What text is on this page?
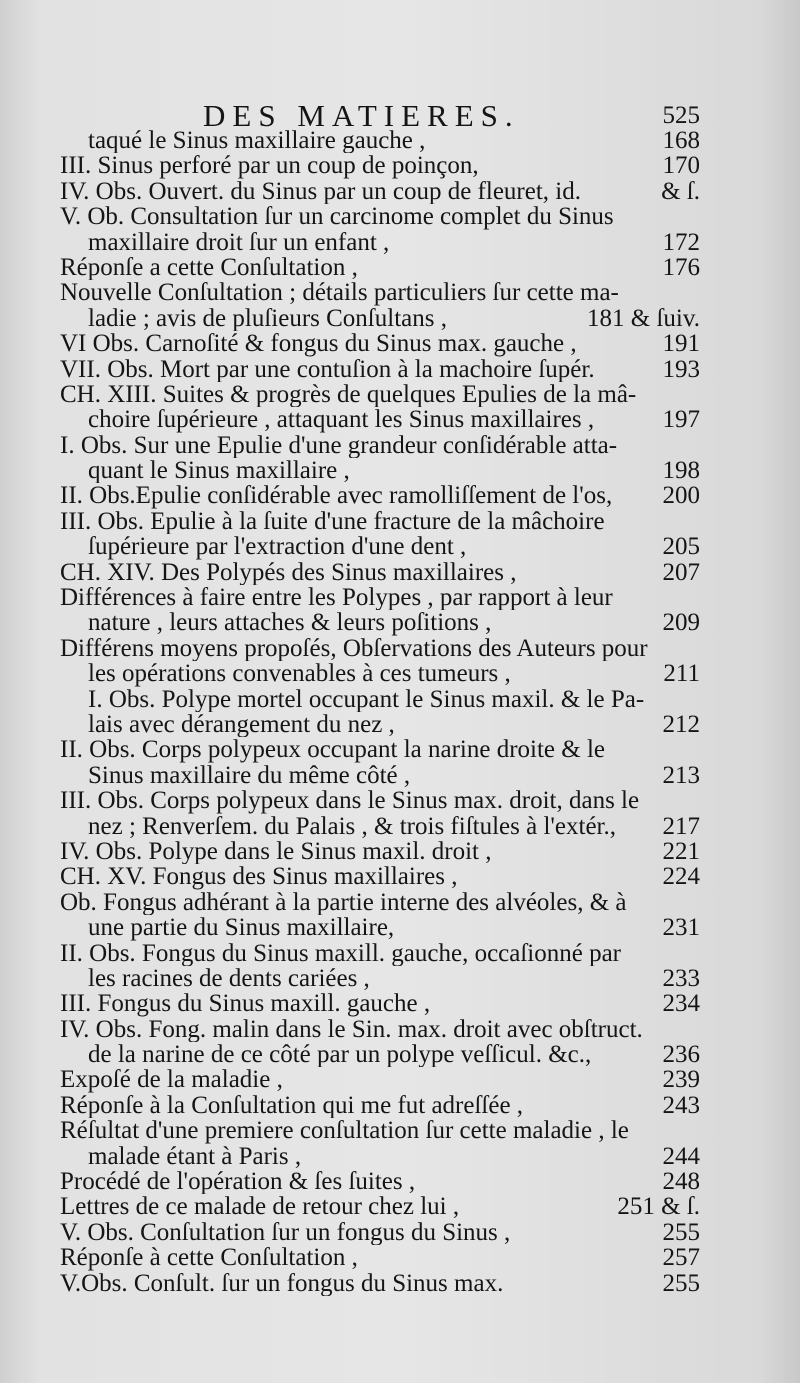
DES MATIERES.	525
taqué le Sinus maxillaire gauche ,	168
III. Sinus perforé par un coup de poinçon,	170
IV. Obs. Ouvert. du Sinus par un coup de fleuret, id.	& ſ.
V. Ob. Consultation ſur un carcinome complet du Sinus
maxillaire droit ſur un enfant ,	172
Réponſe a cette Conſultation ,	176
Nouvelle Conſultation ; détails particuliers ſur cette ma-
ladie ; avis de pluſieurs Conſultans ,	181 & ſuiv.
VI Obs. Carnoſité & fongus du Sinus max. gauche ,	191
VII. Obs. Mort par une contuſion à la machoire ſupér.	193
CH. XIII. Suites & progrès de quelques Epulies de la mâ-
choire ſupérieure , attaquant les Sinus maxillaires ,	197
I. Obs. Sur une Epulie d'une grandeur conſidérable atta-
quant le Sinus maxillaire ,	198
II. Obs.Epulie conſidérable avec ramolliſſement de l'os,	200
III. Obs. Epulie à la ſuite d'une fracture de la mâchoire
ſupérieure par l'extraction d'une dent ,	205
CH. XIV. Des Polypés des Sinus maxillaires ,	207
Différences à faire entre les Polypes , par rapport à leur
nature , leurs attaches & leurs poſitions ,	209
Différens moyens propoſés, Obſervations des Auteurs pour
les opérations convenables à ces tumeurs ,	211
I. Obs. Polype mortel occupant le Sinus maxil. & le Pa-
lais avec dérangement du nez ,	212
II. Obs. Corps polypeux occupant la narine droite & le
Sinus maxillaire du même côté ,	213
III. Obs. Corps polypeux dans le Sinus max. droit, dans le
nez ; Renverſem. du Palais , & trois fiſtules à l'extér.,	217
IV. Obs. Polype dans le Sinus maxil. droit ,	221
CH. XV. Fongus des Sinus maxillaires ,	224
Ob. Fongus adhérant à la partie interne des alvéoles, & à
une partie du Sinus maxillaire,	231
II. Obs. Fongus du Sinus maxill. gauche, occaſionné par
les racines de dents cariées ,	233
III. Fongus du Sinus maxill. gauche ,	234
IV. Obs. Fong. malin dans le Sin. max. droit avec obſtruct.
de la narine de ce côté par un polype veſſicul. &c.,	236
Expoſé de la maladie ,	239
Réponſe à la Conſultation qui me fut adreſſée ,	243
Réſultat d'une premiere conſultation ſur cette maladie , le
malade étant à Paris ,	244
Procédé de l'opération & ſes ſuites ,	248
Lettres de ce malade de retour chez lui ,	251 & ſ.
V. Obs. Conſultation ſur un fongus du Sinus ,	255
Réponſe à cette Conſultation ,	257
V.Obs. Conſult. ſur un fongus du Sinus max.	255
